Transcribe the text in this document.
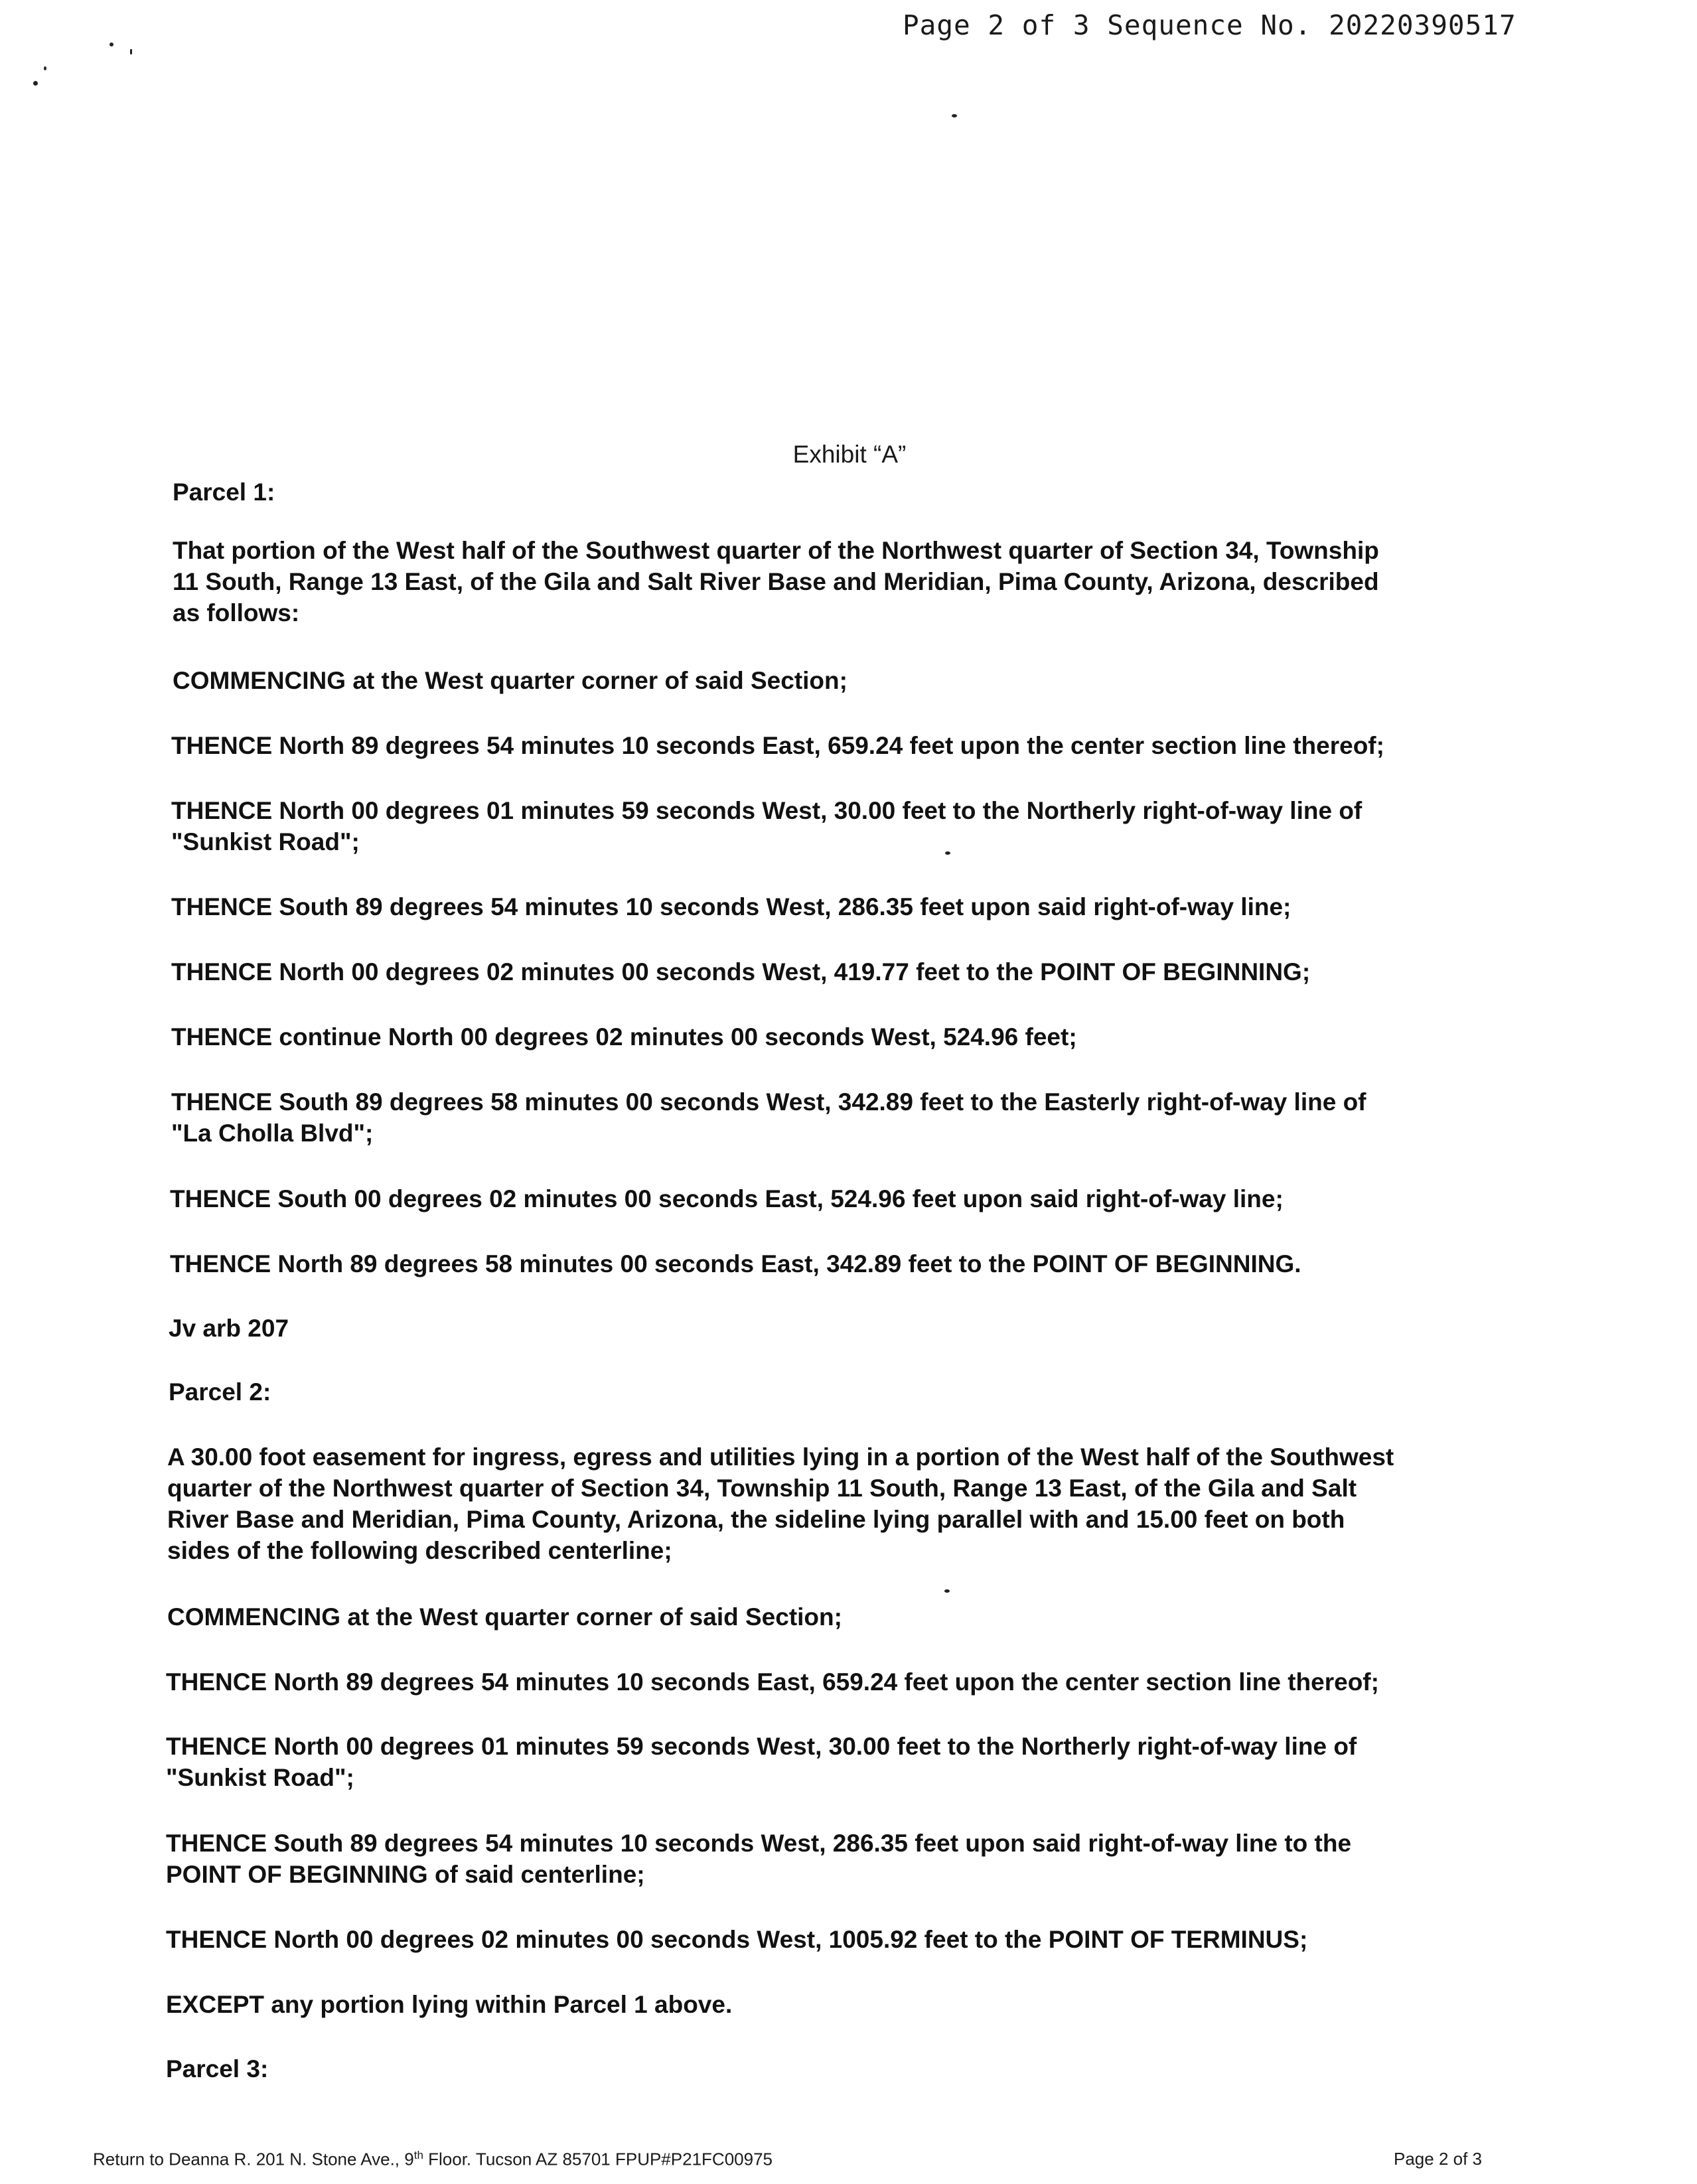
Page 2 of 3 Sequence No. 20220390517
Exhibit “A”
Parcel 1:
That portion of the West half of the Southwest quarter of the Northwest quarter of Section 34, Township
11 South, Range 13 East, of the Gila and Salt River Base and Meridian, Pima County, Arizona, described
as follows:
COMMENCING at the West quarter corner of said Section;
THENCE North 89 degrees 54 minutes 10 seconds East, 659.24 feet upon the center section line thereof;
THENCE North 00 degrees 01 minutes 59 seconds West, 30.00 feet to the Northerly right-of-way line of
"Sunkist Road";
THENCE South 89 degrees 54 minutes 10 seconds West, 286.35 feet upon said right-of-way line;
THENCE North 00 degrees 02 minutes 00 seconds West, 419.77 feet to the POINT OF BEGINNING;
THENCE continue North 00 degrees 02 minutes 00 seconds West, 524.96 feet;
THENCE South 89 degrees 58 minutes 00 seconds West, 342.89 feet to the Easterly right-of-way line of
"La Cholla Blvd";
THENCE South 00 degrees 02 minutes 00 seconds East, 524.96 feet upon said right-of-way line;
THENCE North 89 degrees 58 minutes 00 seconds East, 342.89 feet to the POINT OF BEGINNING.
Jv arb 207
Parcel 2:
A 30.00 foot easement for ingress, egress and utilities lying in a portion of the West half of the Southwest
quarter of the Northwest quarter of Section 34, Township 11 South, Range 13 East, of the Gila and Salt
River Base and Meridian, Pima County, Arizona, the sideline lying parallel with and 15.00 feet on both
sides of the following described centerline;
COMMENCING at the West quarter corner of said Section;
THENCE North 89 degrees 54 minutes 10 seconds East, 659.24 feet upon the center section line thereof;
THENCE North 00 degrees 01 minutes 59 seconds West, 30.00 feet to the Northerly right-of-way line of
"Sunkist Road";
THENCE South 89 degrees 54 minutes 10 seconds West, 286.35 feet upon said right-of-way line to the
POINT OF BEGINNING of said centerline;
THENCE North 00 degrees 02 minutes 00 seconds West, 1005.92 feet to the POINT OF TERMINUS;
EXCEPT any portion lying within Parcel 1 above.
Parcel 3:
Return to Deanna R. 201 N. Stone Ave., 9th Floor. Tucson AZ 85701 FPUP#P21FC00975	Page 2 of 3
